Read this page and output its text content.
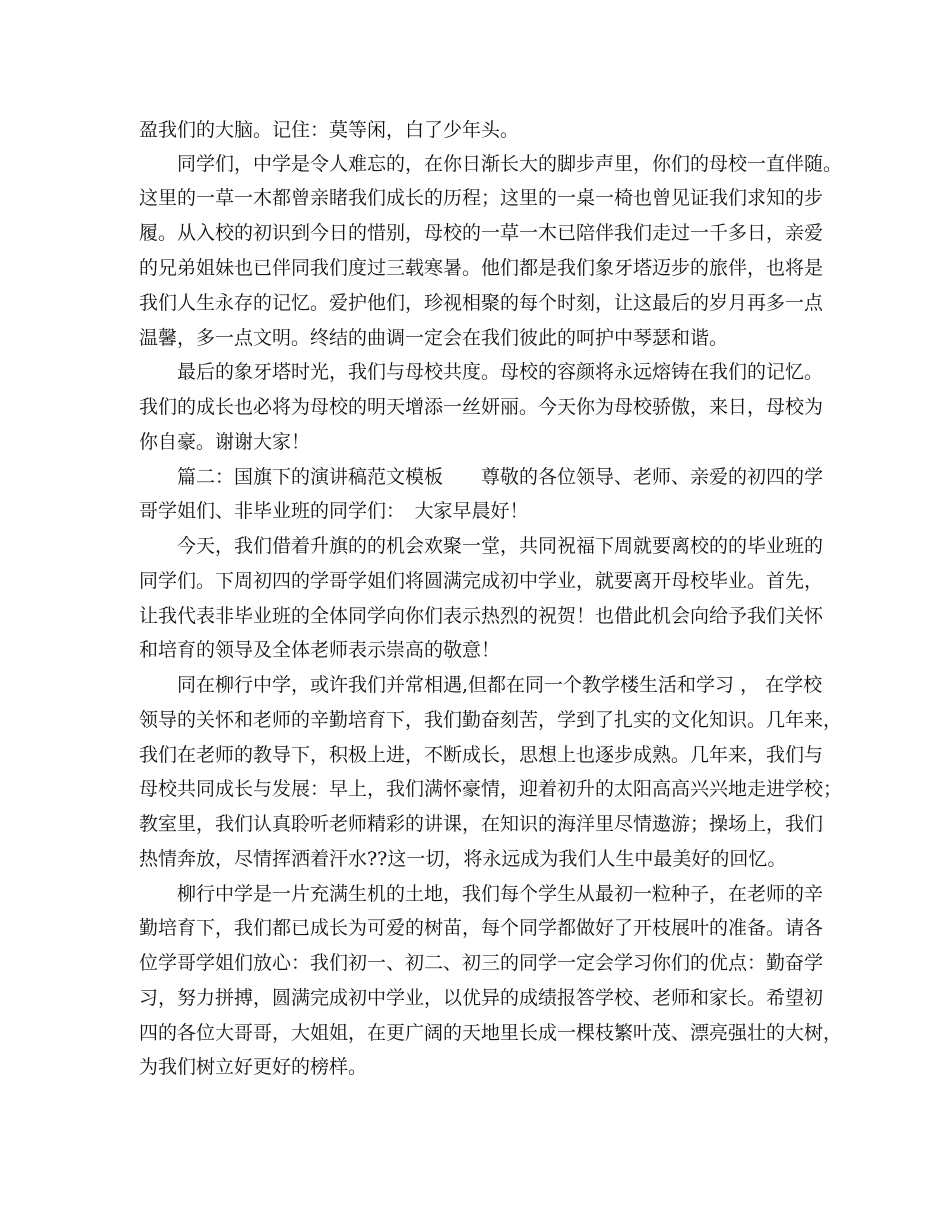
盈我们的大脑。记住：莫等闲，白了少年头。
同学们，中学是令人难忘的，在你日渐长大的脚步声里，你们的母校一直伴随。
这里的一草一木都曾亲睹我们成长的历程；这里的一桌一椅也曾见证我们求知的步
履。从入校的初识到今日的惜别，母校的一草一木已陪伴我们走过一千多日，亲爱
的兄弟姐妹也已伴同我们度过三载寒暑。他们都是我们象牙塔迈步的旅伴，也将是
我们人生永存的记忆。爱护他们，珍视相聚的每个时刻，让这最后的岁月再多一点
温馨，多一点文明。终结的曲调一定会在我们彼此的呵护中琴瑟和谐。
最后的象牙塔时光，我们与母校共度。母校的容颜将永远熔铸在我们的记忆。
我们的成长也必将为母校的明天增添一丝妍丽。今天你为母校骄傲，来日，母校为
你自豪。谢谢大家！
篇二：国旗下的演讲稿范文模板　　尊敬的各位领导、老师、亲爱的初四的学
哥学姐们、非毕业班的同学们：　大家早晨好！
今天，我们借着升旗的的机会欢聚一堂，共同祝福下周就要离校的的毕业班的
同学们。下周初四的学哥学姐们将圆满完成初中学业，就要离开母校毕业。首先，
让我代表非毕业班的全体同学向你们表示热烈的祝贺！也借此机会向给予我们关怀
和培育的领导及全体老师表示崇高的敬意！
同在柳行中学，或许我们并常相遇,但都在同一个教学楼生活和学习 ， 在学校
领导的关怀和老师的辛勤培育下，我们勤奋刻苦，学到了扎实的文化知识。几年来，
我们在老师的教导下，积极上进，不断成长，思想上也逐步成熟。几年来，我们与
母校共同成长与发展：早上，我们满怀豪情，迎着初升的太阳高高兴兴地走进学校；
教室里，我们认真聆听老师精彩的讲课，在知识的海洋里尽情遨游；操场上，我们
热情奔放，尽情挥洒着汗水??这一切，将永远成为我们人生中最美好的回忆。
柳行中学是一片充满生机的土地，我们每个学生从最初一粒种子，在老师的辛
勤培育下，我们都已成长为可爱的树苗，每个同学都做好了开枝展叶的准备。请各
位学哥学姐们放心：我们初一、初二、初三的同学一定会学习你们的优点：勤奋学
习，努力拼搏，圆满完成初中学业，以优异的成绩报答学校、老师和家长。希望初
四的各位大哥哥，大姐姐，在更广阔的天地里长成一棵枝繁叶茂、漂亮强壮的大树，
为我们树立好更好的榜样。
